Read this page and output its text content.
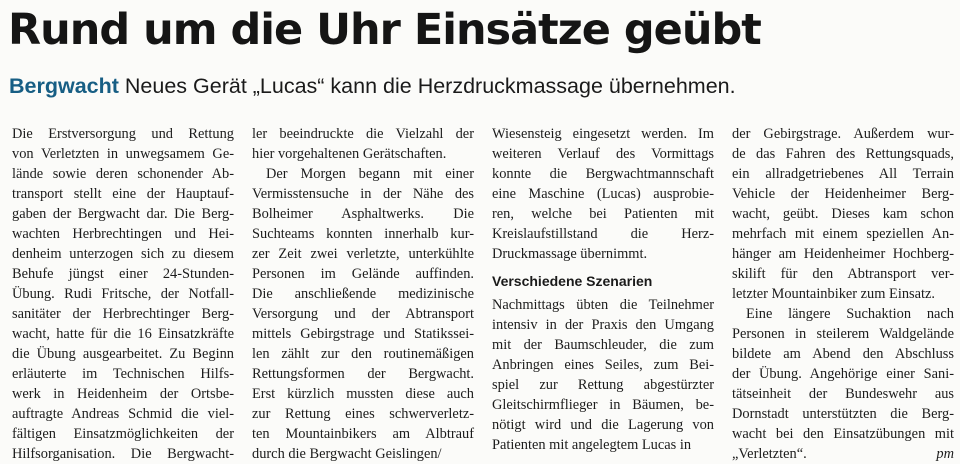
Rund um die Uhr Einsätze geübt

Bergwacht Neues Gerät „Lucas“ kann die Herzdruckmassage übernehmen.

Die Erstversorgung und Rettung

von Verletzten in unwegsamem Ge-

lände sowie deren schonender Ab-

transport stellt eine der Hauptauf-

gaben der Bergwacht dar. Die Berg-

wachten Herbrechtingen und Hei-

denheim unterzogen sich zu diesem

Behufe jüngst einer 24-Stunden-

Übung. Rudi Fritsche, der Notfall-

sanitäter der Herbrechtinger Berg-

wacht, hatte für die 16 Einsatzkräfte

die Übung ausgearbeitet. Zu Beginn

erläuterte im Technischen Hilfs-

werk in Heidenheim der Ortsbe-

auftragte Andreas Schmid die viel-

fältigen Einsatzmöglichkeiten der

Hilfsorganisation. Die Bergwacht-

ler beeindruckte die Vielzahl der

hier vorgehaltenen Gerätschaften.

Der Morgen begann mit einer

Vermisstensuche in der Nähe des

Bolheimer Asphaltwerks. Die

Suchteams konnten innerhalb kur-

zer Zeit zwei verletzte, unterkühlte

Personen im Gelände auffinden.

Die anschließende medizinische

Versorgung und der Abtransport

mittels Gebirgstrage und Statikssei-

len zählt zur den routinemäßigen

Rettungsformen der Bergwacht.

Erst kürzlich mussten diese auch

zur Rettung eines schwerverletz-

ten Mountainbikers am Albtrauf

durch die Bergwacht Geislingen/

Wiesensteig eingesetzt werden. Im

weiteren Verlauf des Vormittags

konnte die Bergwachtmannschaft

eine Maschine (Lucas) ausprobie-

ren, welche bei Patienten mit

Kreislaufstillstand die Herz-

Druckmassage übernimmt.

Verschiedene Szenarien

Nachmittags übten die Teilnehmer

intensiv in der Praxis den Umgang

mit der Baumschleuder, die zum

Anbringen eines Seiles, zum Bei-

spiel zur Rettung abgestürzter

Gleitschirmflieger in Bäumen, be-

nötigt wird und die Lagerung von

Patienten mit angelegtem Lucas in

der Gebirgstrage. Außerdem wur-

de das Fahren des Rettungsquads,

ein allradgetriebenes All Terrain

Vehicle der Heidenheimer Berg-

wacht, geübt. Dieses kam schon

mehrfach mit einem speziellen An-

hänger am Heidenheimer Hochberg-

skilift für den Abtransport ver-

letzter Mountainbiker zum Einsatz.

Eine längere Suchaktion nach

Personen in steilerem Waldgelände

bildete am Abend den Abschluss

der Übung. Angehörige einer Sani-

tätseinheit der Bundeswehr aus

Dornstadt unterstützten die Berg-

wacht bei den Einsatzübungen mit

„Verletzten“.	pm
